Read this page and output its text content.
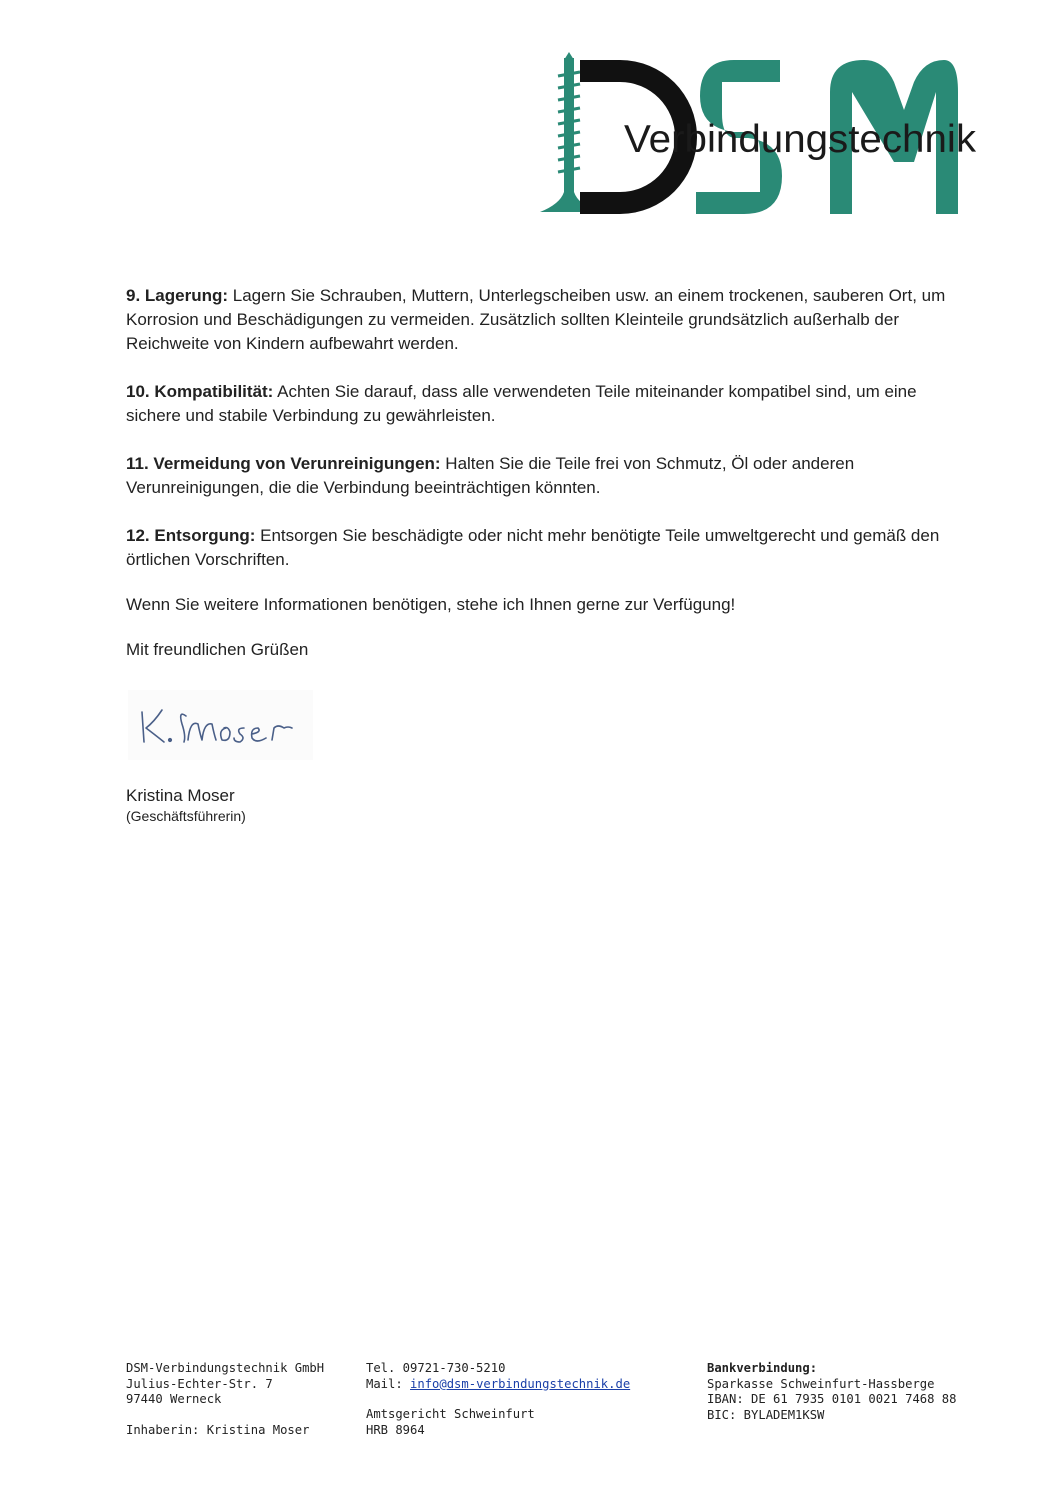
Verbindungstechnik

9. Lagerung: Lagern Sie Schrauben, Muttern, Unterlegscheiben usw. an einem trockenen, sauberen Ort, um Korrosion und Beschädigungen zu vermeiden. Zusätzlich sollten Kleinteile grundsätzlich außerhalb der Reichweite von Kindern aufbewahrt werden.

10. Kompatibilität: Achten Sie darauf, dass alle verwendeten Teile miteinander kompatibel sind, um eine sichere und stabile Verbindung zu gewährleisten.

11. Vermeidung von Verunreinigungen: Halten Sie die Teile frei von Schmutz, Öl oder anderen Verunreinigungen, die die Verbindung beeinträchtigen könnten.

12. Entsorgung: Entsorgen Sie beschädigte oder nicht mehr benötigte Teile umweltgerecht und gemäß den örtlichen Vorschriften.

Wenn Sie weitere Informationen benötigen, stehe ich Ihnen gerne zur Verfügung!

Mit freundlichen Grüßen

Kristina Moser
(Geschäftsführerin)
DSM-Verbindungstechnik GmbH
Julius-Echter-Str. 7
97440 Werneck
Inhaberin: Kristina Moser
Tel. 09721-730-5210
Mail: info@dsm-verbindungstechnik.de
Amtsgericht Schweinfurt
HRB 8964
Bankverbindung:
Sparkasse Schweinfurt-Hassberge
IBAN: DE 61 7935 0101 0021 7468 88
BIC: BYLADEM1KSW
